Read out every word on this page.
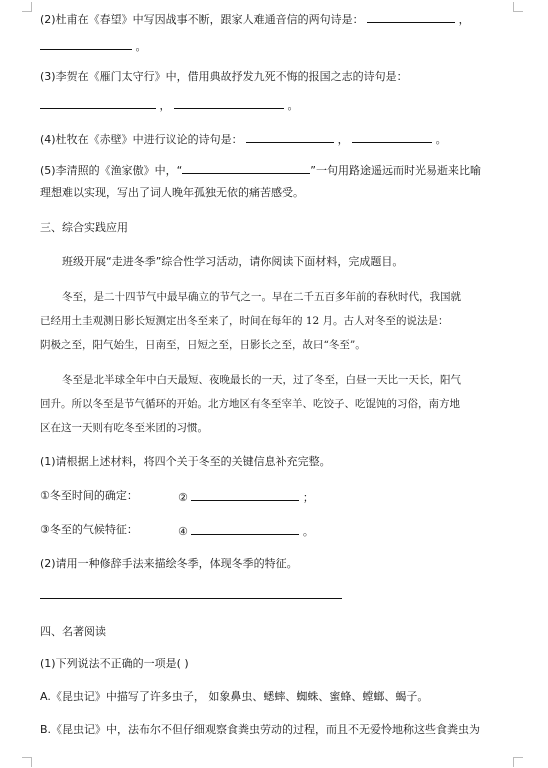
(2)杜甫在《春望》中写因战事不断，跟家人难通音信的两句诗是：	，
。
(3)李贺在《雁门太守行》中，借用典故抒发九死不悔的报国之志的诗句是：
，	。
(4)杜牧在《赤壁》中进行议论的诗句是：	，	。
(5)李清照的《渔家傲》中，“	”一句用路途遥远而时光易逝来比喻
理想难以实现，写出了词人晚年孤独无依的痛苦感受。
三、综合实践应用
班级开展“走进冬季”综合性学习活动，请你阅读下面材料，完成题目。
冬至，是二十四节气中最早确立的节气之一。早在二千五百多年前的春秋时代，我国就
已经用土圭观测日影长短测定出冬至来了，时间在每年的 12 月。古人对冬至的说法是：
阴极之至，阳气始生，日南至，日短之至，日影长之至，故曰“冬至”。
冬至是北半球全年中白天最短、夜晚最长的一天，过了冬至，白昼一天比一天长，阳气
回升。所以冬至是节气循环的开始。北方地区有冬至宰羊、吃饺子、吃馄饨的习俗，南方地
区在这一天则有吃冬至米团的习惯。
(1)请根据上述材料，将四个关于冬至的关键信息补充完整。
①冬至时间的确定：	②	；
③冬至的气候特征：	④	。
(2)请用一种修辞手法来描绘冬季，体现冬季的特征。
四、名著阅读
(1)下列说法不正确的一项是( )
A.《昆虫记》中描写了许多虫子， 如象鼻虫、蟋蟀、蜘蛛、蜜蜂、螳螂、蝎子。
B.《昆虫记》中，法布尔不但仔细观察食粪虫劳动的过程，而且不无爱怜地称这些食粪虫为
